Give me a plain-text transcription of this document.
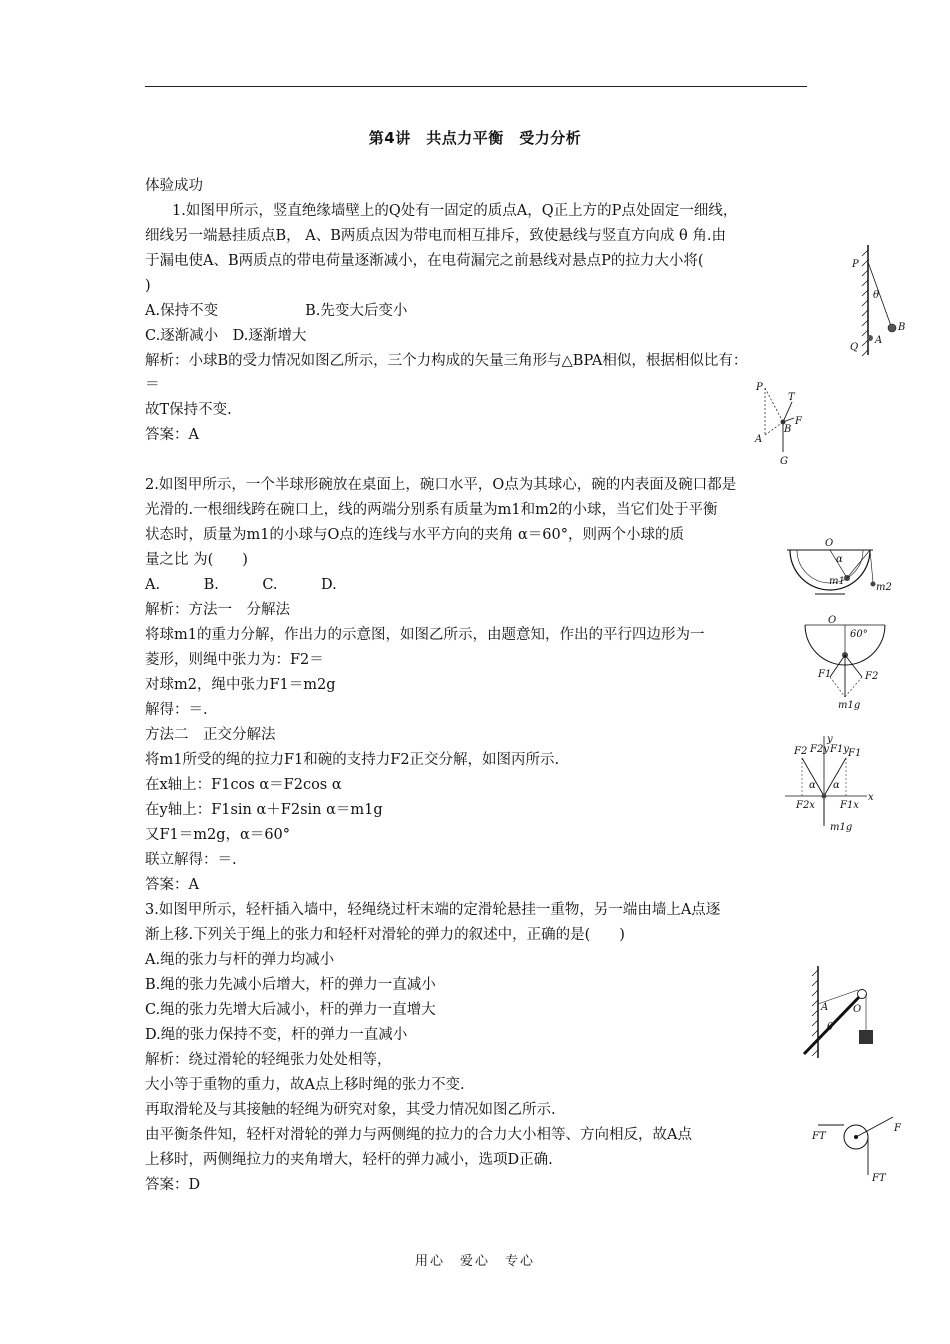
第4讲　共点力平衡　受力分析
体验成功
1.如图甲所示，竖直绝缘墙壁上的Q处有一固定的质点A，Q正上方的P点处固定一细线，
细线另一端悬挂质点B， A、B两质点因为带电而相互排斥，致使悬线与竖直方向成 θ 角.由
于漏电使A、B两质点的带电荷量逐渐减小，在电荷漏完之前悬线对悬点P的拉力大小将(
)
A.保持不变　　　　　　B.先变大后变小
C.逐渐减小　D.逐渐增大
解析：小球B的受力情况如图乙所示，三个力构成的矢量三角形与△BPA相似，根据相似比有：
＝
故T保持不变.
答案：A
2.如图甲所示，一个半球形碗放在桌面上，碗口水平，O点为其球心，碗的内表面及碗口都是
光滑的.一根细线跨在碗口上，线的两端分别系有质量为m1和m2的小球，当它们处于平衡
状态时，质量为m1的小球与O点的连线与水平方向的夹角 α＝60°，则两个小球的质
量之比 为(　　)
A.　　　B.　　　C.　　　D.
解析：方法一　分解法
将球m1的重力分解，作出力的示意图，如图乙所示，由题意知，作出的平行四边形为一
菱形，则绳中张力为：F2＝
对球m2，绳中张力F1＝m2g
解得：＝.
方法二　正交分解法
将m1所受的绳的拉力F1和碗的支持力F2正交分解，如图丙所示.
在x轴上：F1cos α＝F2cos α
在y轴上：F1sin α＋F2sin α＝m1g
又F1＝m2g，α＝60°
联立解得：＝.
答案：A
3.如图甲所示，轻杆插入墙中，轻绳绕过杆末端的定滑轮悬挂一重物，另一端由墙上A点逐
渐上移.下列关于绳上的张力和轻杆对滑轮的弹力的叙述中，正确的是(　　)
A.绳的张力与杆的弹力均减小
B.绳的张力先减小后增大，杆的弹力一直减小
C.绳的张力先增大后减小，杆的弹力一直增大
D.绳的张力保持不变，杆的弹力一直减小
解析：绕过滑轮的轻绳张力处处相等，
大小等于重物的重力，故A点上移时绳的张力不变.
再取滑轮及与其接触的轻绳为研究对象，其受力情况如图乙所示.
由平衡条件知，轻杆对滑轮的弹力与两侧绳的拉力的合力大小相等、方向相反，故A点
上移时，两侧绳拉力的夹角增大，轻杆的弹力减小，选项D正确.
答案：D
用心　爱心　专心
P
θ
B
Q
A
P
T
F
B
A
G
O
α
m1
m2
O
60°
F1	F2
m1g
y
x
F2 F2y F1y F1
α α
F2x	F1x
m1g
A
θ
O
FT
F
FT
